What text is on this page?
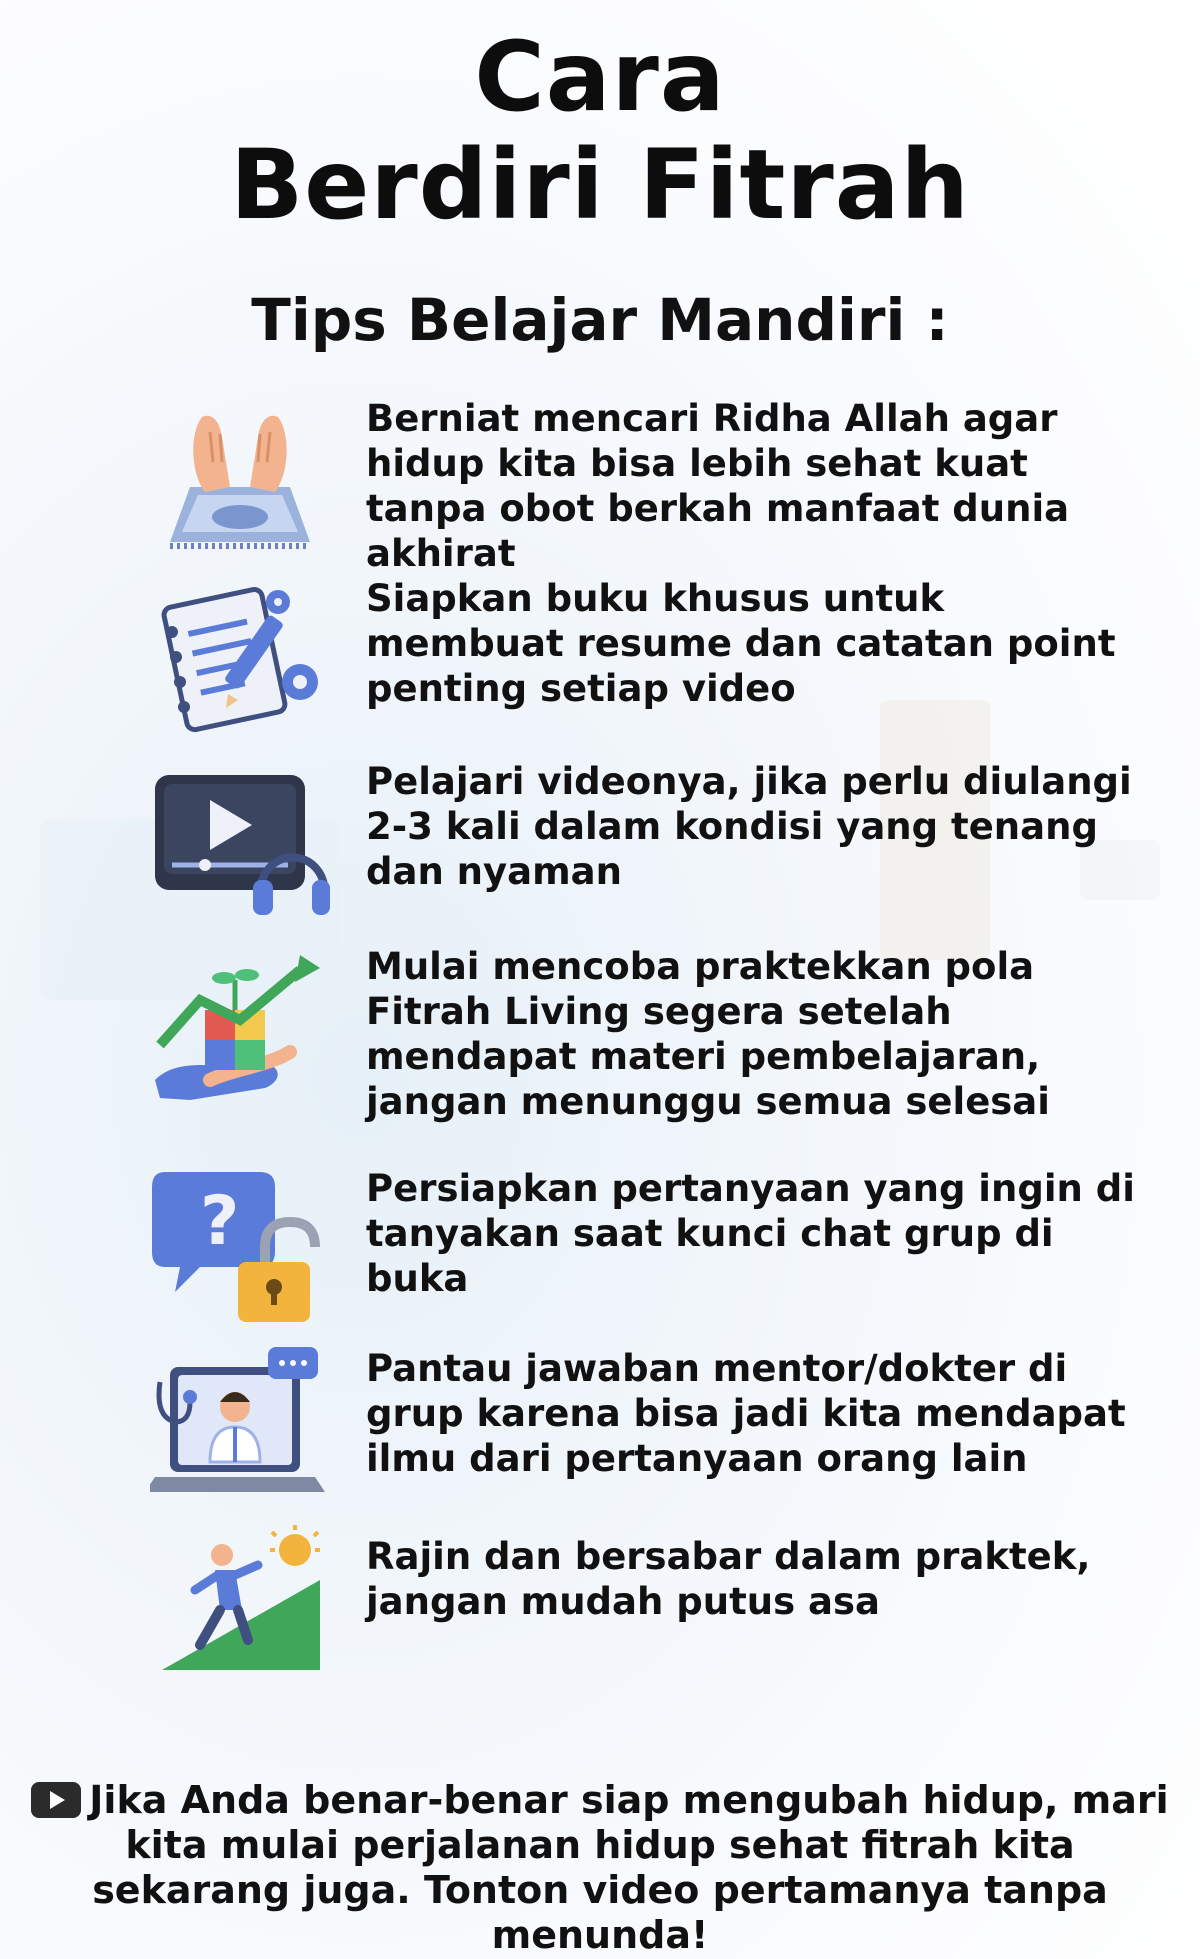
Cara
Berdiri Fitrah
Tips Belajar Mandiri :
Berniat mencari Ridha Allah agar hidup kita bisa lebih sehat kuat tanpa obot berkah manfaat dunia akhirat
Siapkan buku khusus untuk membuat resume dan catatan point penting setiap video
Pelajari videonya, jika perlu diulangi 2-3 kali dalam kondisi yang tenang dan nyaman
Mulai mencoba praktekkan pola Fitrah Living segera setelah mendapat materi pembelajaran, jangan menunggu semua selesai
?	Persiapkan pertanyaan yang ingin di tanyakan saat kunci chat grup di buka
Pantau jawaban mentor/dokter di grup karena bisa jadi kita mendapat ilmu dari pertanyaan orang lain
Rajin dan bersabar dalam praktek, jangan mudah putus asa
Jika Anda benar-benar siap mengubah hidup, mari kita mulai perjalanan hidup sehat fitrah kita sekarang juga. Tonton video pertamanya tanpa menunda!
